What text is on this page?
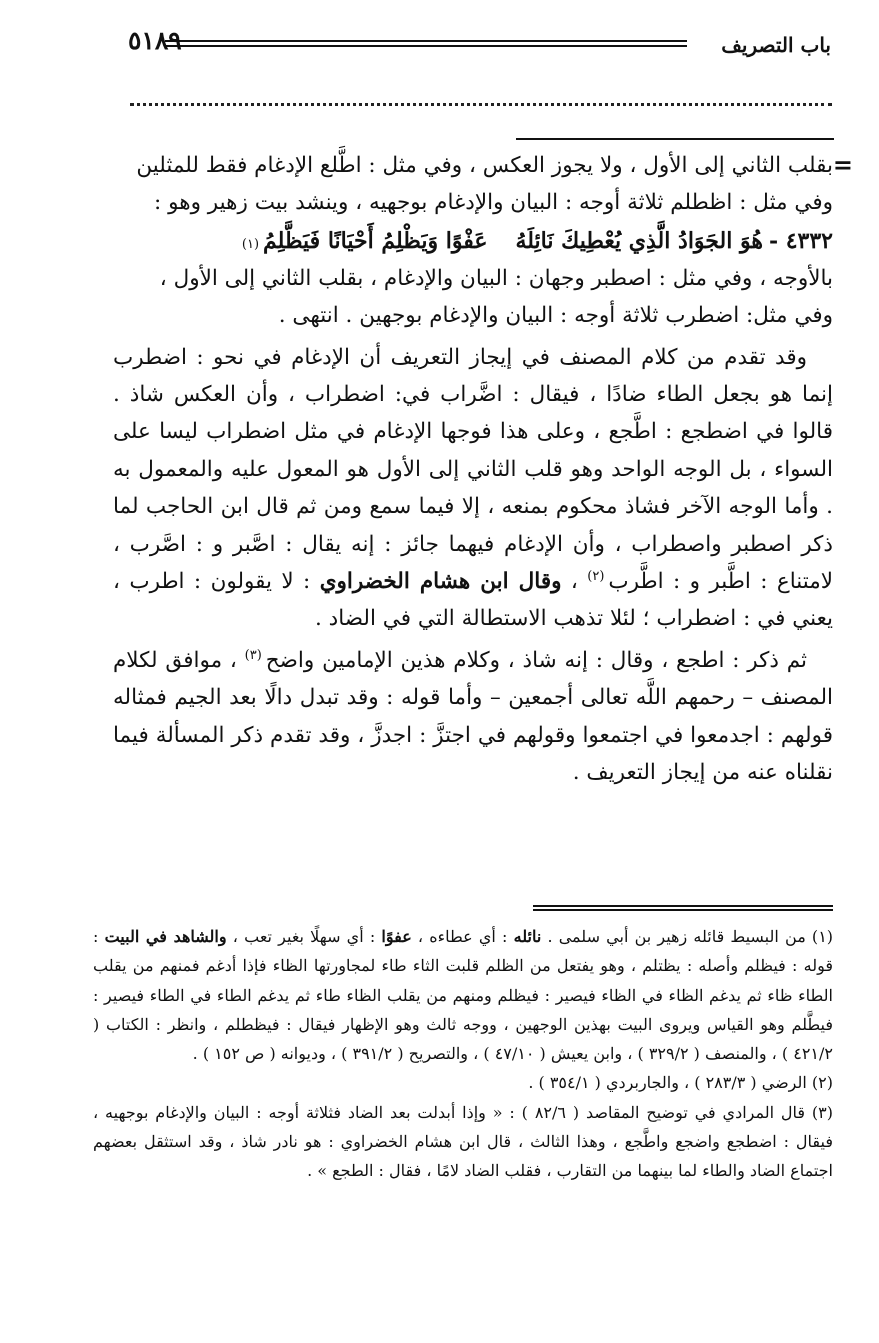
باب التصريف
٥١٨٩
=

بقلب الثاني إلى الأول ، ولا يجوز العكس ، وفي مثل : اطَّلع الإدغام فقط للمثلين

وفي مثل : اظطلم ثلاثة أوجه : البيان والإدغام بوجهيه ، وينشد بيت زهير وهو :

٤٣٣٢ -
هُوَ الجَوَادُ الَّذِي يُعْطِيكَ نَائِلَهُ
عَفْوًا وَيَظْلِمُ أَحْيَانًا فَيَظَّلِمُ
(١)

بالأوجه ، وفي مثل : اصطبر وجهان : البيان والإدغام ، بقلب الثاني إلى الأول ،

وفي مثل: اضطرب ثلاثة أوجه : البيان والإدغام بوجهين . انتهى .

وقد تقدم من كلام المصنف في إيجاز التعريف أن الإدغام في نحو : اضطرب إنما هو بجعل الطاء ضادًا ، فيقال : اضَّراب في: اضطراب ، وأن العكس شاذ . قالوا في اضطجع : اطَّجع ، وعلى هذا فوجها الإدغام في مثل اضطراب ليسا على السواء ، بل الوجه الواحد وهو قلب الثاني إلى الأول هو المعول عليه والمعمول به . وأما الوجه الآخر فشاذ محكوم بمنعه ، إلا فيما سمع ومن ثم قال ابن الحاجب لما ذكر اصطبر واصطراب ، وأن الإدغام فيهما جائز : إنه يقال : اصَّبر و : اصَّرب ، لامتناع : اطَّبر و : اطَّرب$^{(٢)}$ ، وقال ابن هشام الخضراوي : لا يقولون : اطرب ، يعني في : اضطراب ؛ لئلا تذهب الاستطالة التي في الضاد .

ثم ذكر : اطجع ، وقال : إنه شاذ ، وكلام هذين الإمامين واضح$^{(٣)}$ ، موافق لكلام المصنف – رحمهم اللَّه تعالى أجمعين – وأما قوله : وقد تبدل دالًا بعد الجيم فمثاله قولهم : اجدمعوا في اجتمعوا وقولهم في اجتزَّ : اجدزَّ ، وقد تقدم ذكر المسألة فيما نقلناه عنه من إيجاز التعريف .

(١) من البسيط قائله زهير بن أبي سلمى . نائله : أي عطاءه ، عفوًا : أي سهلًا بغير تعب ، والشاهد في البيت : قوله : فيظلم وأصله : يظتلم ، وهو يفتعل من الظلم قلبت الثاء طاء لمجاورتها الظاء فإذا أدغم فمنهم من يقلب الطاء ظاء ثم يدغم الظاء في الظاء فيصير : فيظلم ومنهم من يقلب الظاء طاء ثم يدغم الطاء في الطاء فيصير : فيطَّلم وهو القياس ويروى البيت بهذين الوجهين ، ووجه ثالث وهو الإظهار فيقال : فيظطلم ، وانظر : الكتاب ( ٤٢١/٢ ) ، والمنصف ( ٣٢٩/٢ ) ، وابن يعيش ( ٤٧/١٠ ) ، والتصريح ( ٣٩١/٢ ) ، وديوانه ( ص ١٥٢ ) .

(٢) الرضي ( ٢٨٣/٣ ) ، والجاربردي ( ٣٥٤/١ ) .

(٣) قال المرادي في توضيح المقاصد ( ٨٢/٦ ) : « وإذا أبدلت بعد الضاد فثلاثة أوجه : البيان والإدغام بوجهيه ، فيقال : اضطجع واضجع واطَّجع ، وهذا الثالث ، قال ابن هشام الخضراوي : هو نادر شاذ ، وقد استثقل بعضهم اجتماع الضاد والطاء لما بينهما من التقارب ، فقلب الضاد لامًا ، فقال : الطجع » .
